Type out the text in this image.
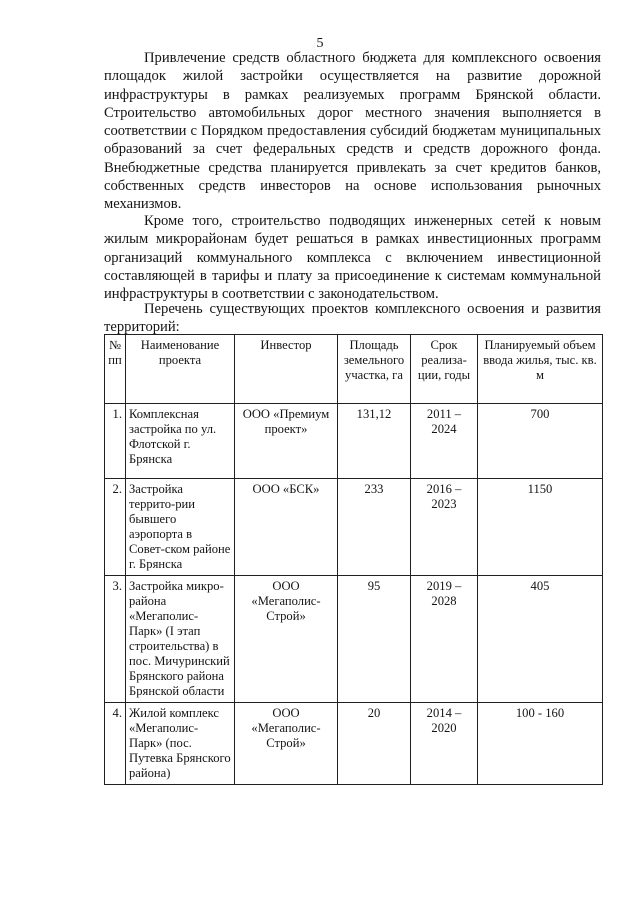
5

Привлечение средств областного бюджета для комплексного освоения площадок жилой застройки осуществляется на развитие дорожной инфраструктуры в рамках реализуемых программ Брянской области. Строительство автомобильных дорог местного значения выполняется в соответствии с Порядком предоставления субсидий бюджетам муниципальных образований за счет федеральных средств и средств дорожного фонда. Внебюджетные средства планируется привлекать за счет кредитов банков, собственных средств инвесторов на основе использования рыночных механизмов.

Кроме того, строительство подводящих инженерных сетей к новым жилым микрорайонам будет решаться в рамках инвестиционных программ организаций коммунального комплекса с включением инвестиционной составляющей в тарифы и плату за присоединение к системам коммунальной инфраструктуры в соответствии с законодательством.

Перечень существующих проектов комплексного освоения и развития территорий:

№ пп	Наименование проекта	Инвестор	Площадь земельного участка, га	Срок реализа-ции, годы	Планируемый объем ввода жилья, тыс. кв. м
1.	Комплексная застройка по ул. Флотской г. Брянска	ООО «Премиум проект»	131,12	2011 – 2024	700
2.	Застройка террито-рии бывшего аэропорта в Совет-ском районе г. Брянска	ООО «БСК»	233	2016 – 2023	1150
3.	Застройка микро-района «Мегаполис-Парк» (I этап строительства) в пос. Мичуринский Брянского района Брянской области	ООО «Мегаполис-Строй»	95	2019 – 2028	405
4.	Жилой комплекс «Мегаполис-Парк» (пос. Путевка Брянского района)	ООО «Мегаполис-Строй»	20	2014 – 2020	100 - 160
